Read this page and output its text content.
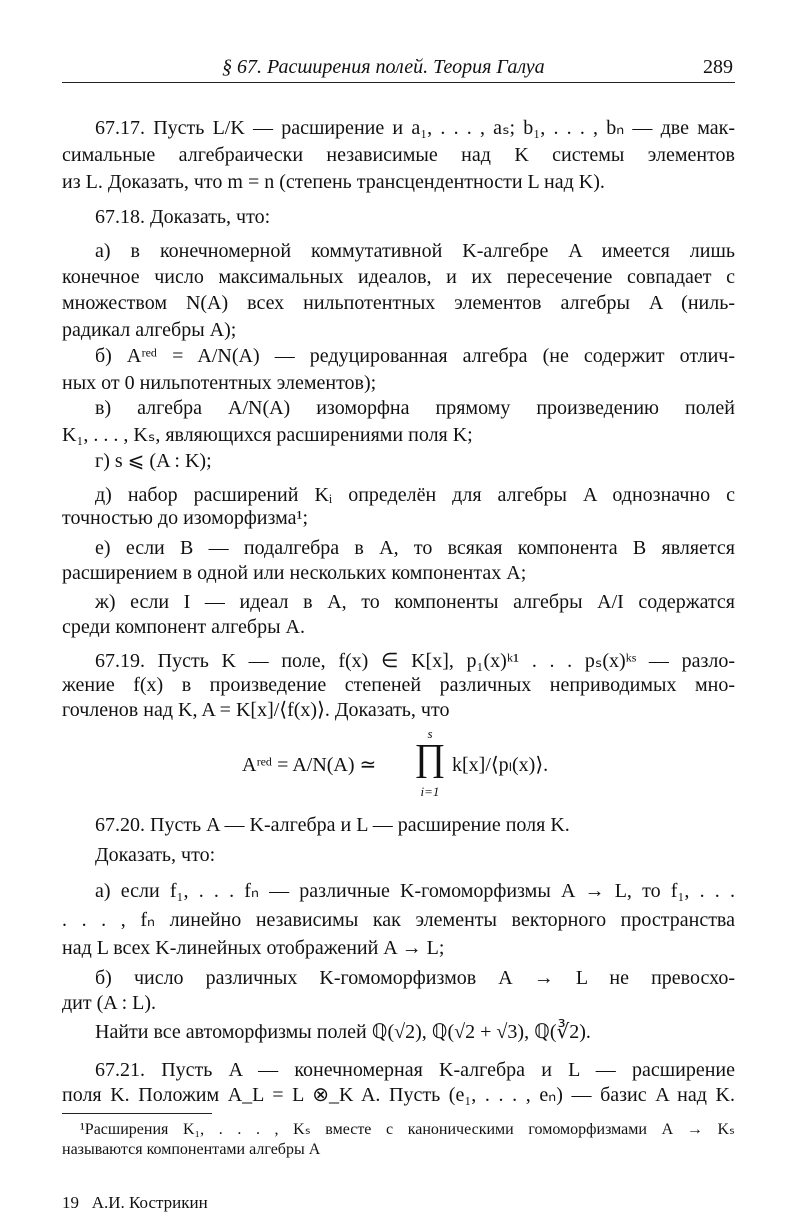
§ 67. Расширения полей. Теория Галуа	289
67.17. Пусть L/K — расширение и a₁, . . . , aₛ; b₁, . . . , bₙ — две мак-
симальные алгебраически независимые над K системы элементов
из L. Доказать, что m = n (степень трансцендентности L над K).
67.18. Доказать, что:
а) в конечномерной коммутативной K-алгебре A имеется лишь
конечное число максимальных идеалов, и их пересечение совпадает с
множеством N(A) всех нильпотентных элементов алгебры A (ниль-
радикал алгебры A);
б) Aʳᵉᵈ = A/N(A) — редуцированная алгебра (не содержит отлич-
ных от 0 нильпотентных элементов);
в) алгебра A/N(A) изоморфна прямому произведению полей
K₁, . . . , Kₛ, являющихся расширениями поля K;
г) s ⩽ (A : K);
д) набор расширений Kᵢ определён для алгебры A однозначно с
точностью до изоморфизма¹;
е) если B — подалгебра в A, то всякая компонента B является
расширением в одной или нескольких компонентах A;
ж) если I — идеал в A, то компоненты алгебры A/I содержатся
среди компонент алгебры A.
67.19. Пусть K — поле, f(x) ∈ K[x], p₁(x)ᵏ¹ . . . pₛ(x)ᵏˢ — разло-
жение f(x) в произведение степеней различных неприводимых мно-
гочленов над K, A = K[x]/⟨f(x)⟩. Доказать, что
Aʳᵉᵈ = A/N(A) ≃
s
∏
i=1
k[x]/⟨pₗ(x)⟩.
67.20. Пусть A — K-алгебра и L — расширение поля K.
Доказать, что:
а) если f₁, . . . fₙ — различные K-гомоморфизмы A → L, то f₁, . . .
. . . , fₙ линейно независимы как элементы векторного пространства
над L всех K-линейных отображений A → L;
б) число различных K-гомоморфизмов A → L не превосхо-
дит (A : L).
Найти все автоморфизмы полей ℚ(√2), ℚ(√2 + √3), ℚ(∛2).
67.21. Пусть A — конечномерная K-алгебра и L — расширение
поля K. Положим A_L = L ⊗_K A. Пусть (e₁, . . . , eₙ) — базис A над K.
¹Расширения K₁, . . . , Kₛ вместе с каноническими гомоморфизмами A → Kₛ
называются компонентами алгебры A
19   А.И. Кострикин
